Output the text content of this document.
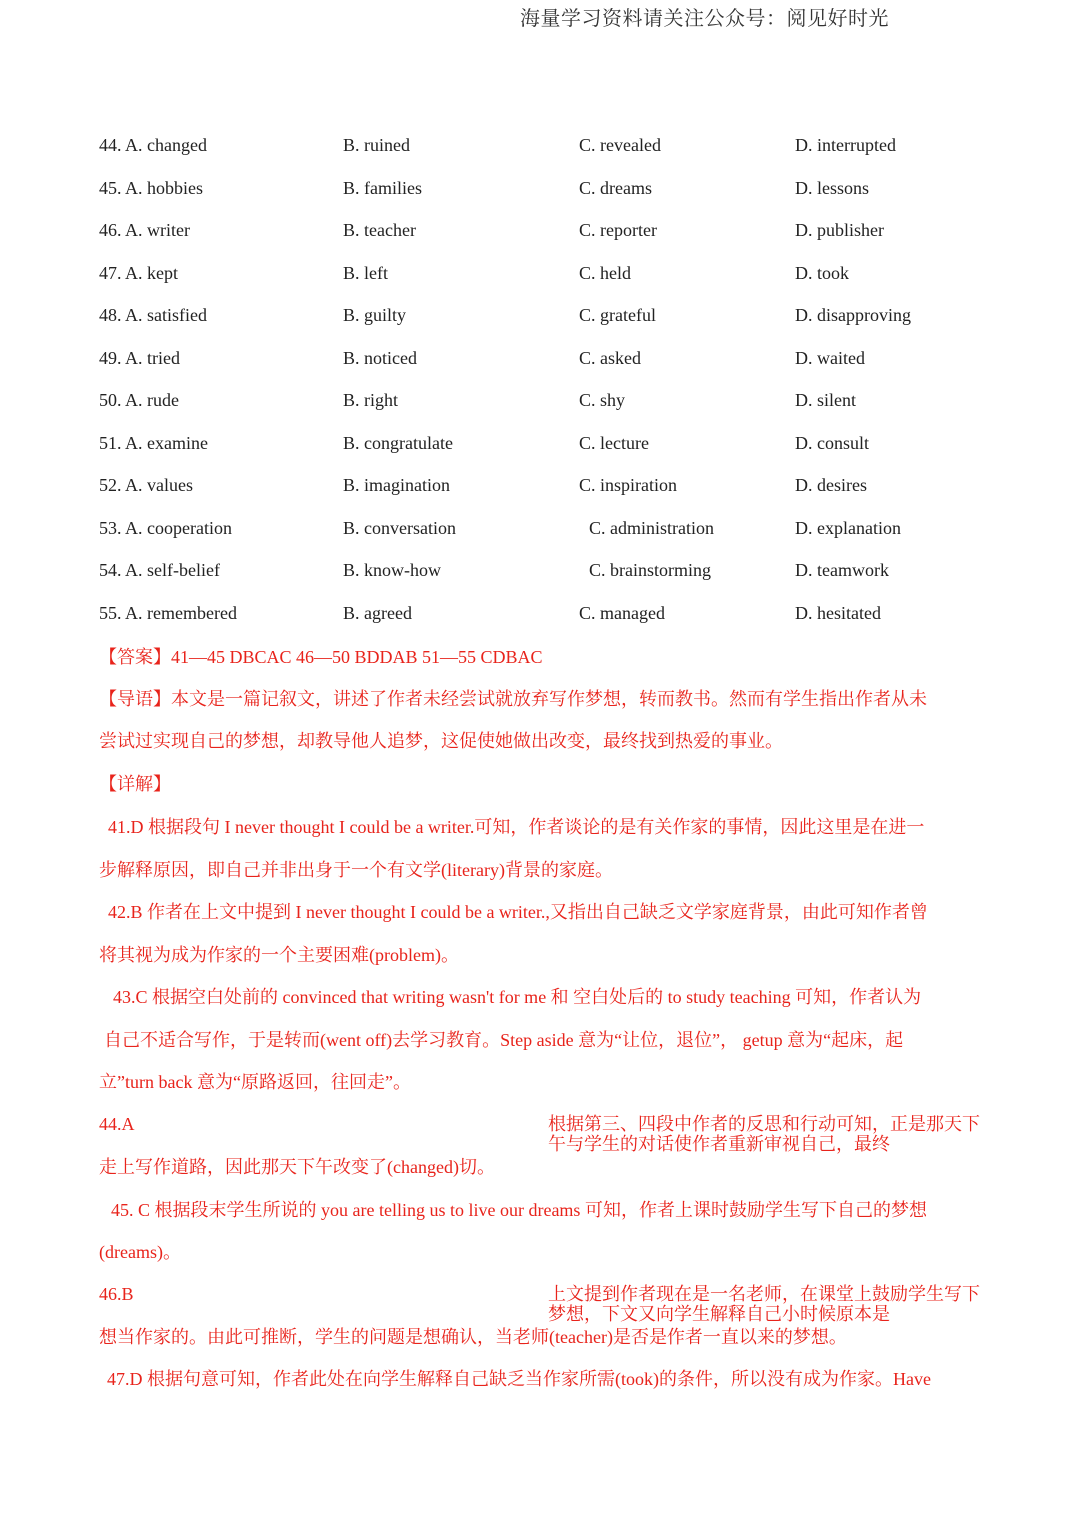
海量学习资料请关注公众号：阅见好时光
44. A. changed	B. ruined	C. revealed	D. interrupted
45. A. hobbies	B. families	C. dreams	D. lessons
46. A. writer	B. teacher	C. reporter	D. publisher
47. A. kept	B. left	C. held	D. took
48. A. satisfied	B. guilty	C. grateful	D. disapproving
49. A. tried	B. noticed	C. asked	D. waited
50. A. rude	B. right	C. shy	D. silent
51. A. examine	B. congratulate	C. lecture	D. consult
52. A. values	B. imagination	C. inspiration	D. desires
53. A. cooperation	B. conversation	C. administration	D. explanation
54. A. self-belief	B. know-how	C. brainstorming	D. teamwork
55. A. remembered	B. agreed	C. managed	D. hesitated
【答案】41—45 DBCAC 46—50 BDDAB 51—55 CDBAC
【导语】本文是一篇记叙文，讲述了作者未经尝试就放弃写作梦想，转而教书。然而有学生指出作者从未
尝试过实现自己的梦想，却教导他人追梦，这促使她做出改变，最终找到热爱的事业。
【详解】
41.D 根据段句 I never thought I could be a writer.可知，作者谈论的是有关作家的事情，因此这里是在进一
步解释原因，即自己并非出身于一个有文学(literary)背景的家庭。
42.B 作者在上文中提到 I never thought I could be a writer.,又指出自己缺乏文学家庭背景，由此可知作者曾
将其视为成为作家的一个主要困难(problem)。
43.C 根据空白处前的 convinced that writing wasn't for me 和 空白处后的 to study teaching 可知，作者认为
自己不适合写作，于是转而(went off)去学习教育。Step aside 意为“让位，退位”， getup 意为“起床，起
立”turn back 意为“原路返回，往回走”。
44.A	根据第三、四段中作者的反思和行动可知，正是那天下午与学生的对话使作者重新审视自己，最终
走上写作道路，因此那天下午改变了(changed)切。
45. C 根据段末学生所说的 you are telling us to live our dreams 可知，作者上课时鼓励学生写下自己的梦想
(dreams)。
46.B	上文提到作者现在是一名老师，在课堂上鼓励学生写下梦想，下文又向学生解释自己小时候原本是
想当作家的。由此可推断，学生的问题是想确认，当老师(teacher)是否是作者一直以来的梦想。
47.D 根据句意可知，作者此处在向学生解释自己缺乏当作家所需(took)的条件，所以没有成为作家。Have
